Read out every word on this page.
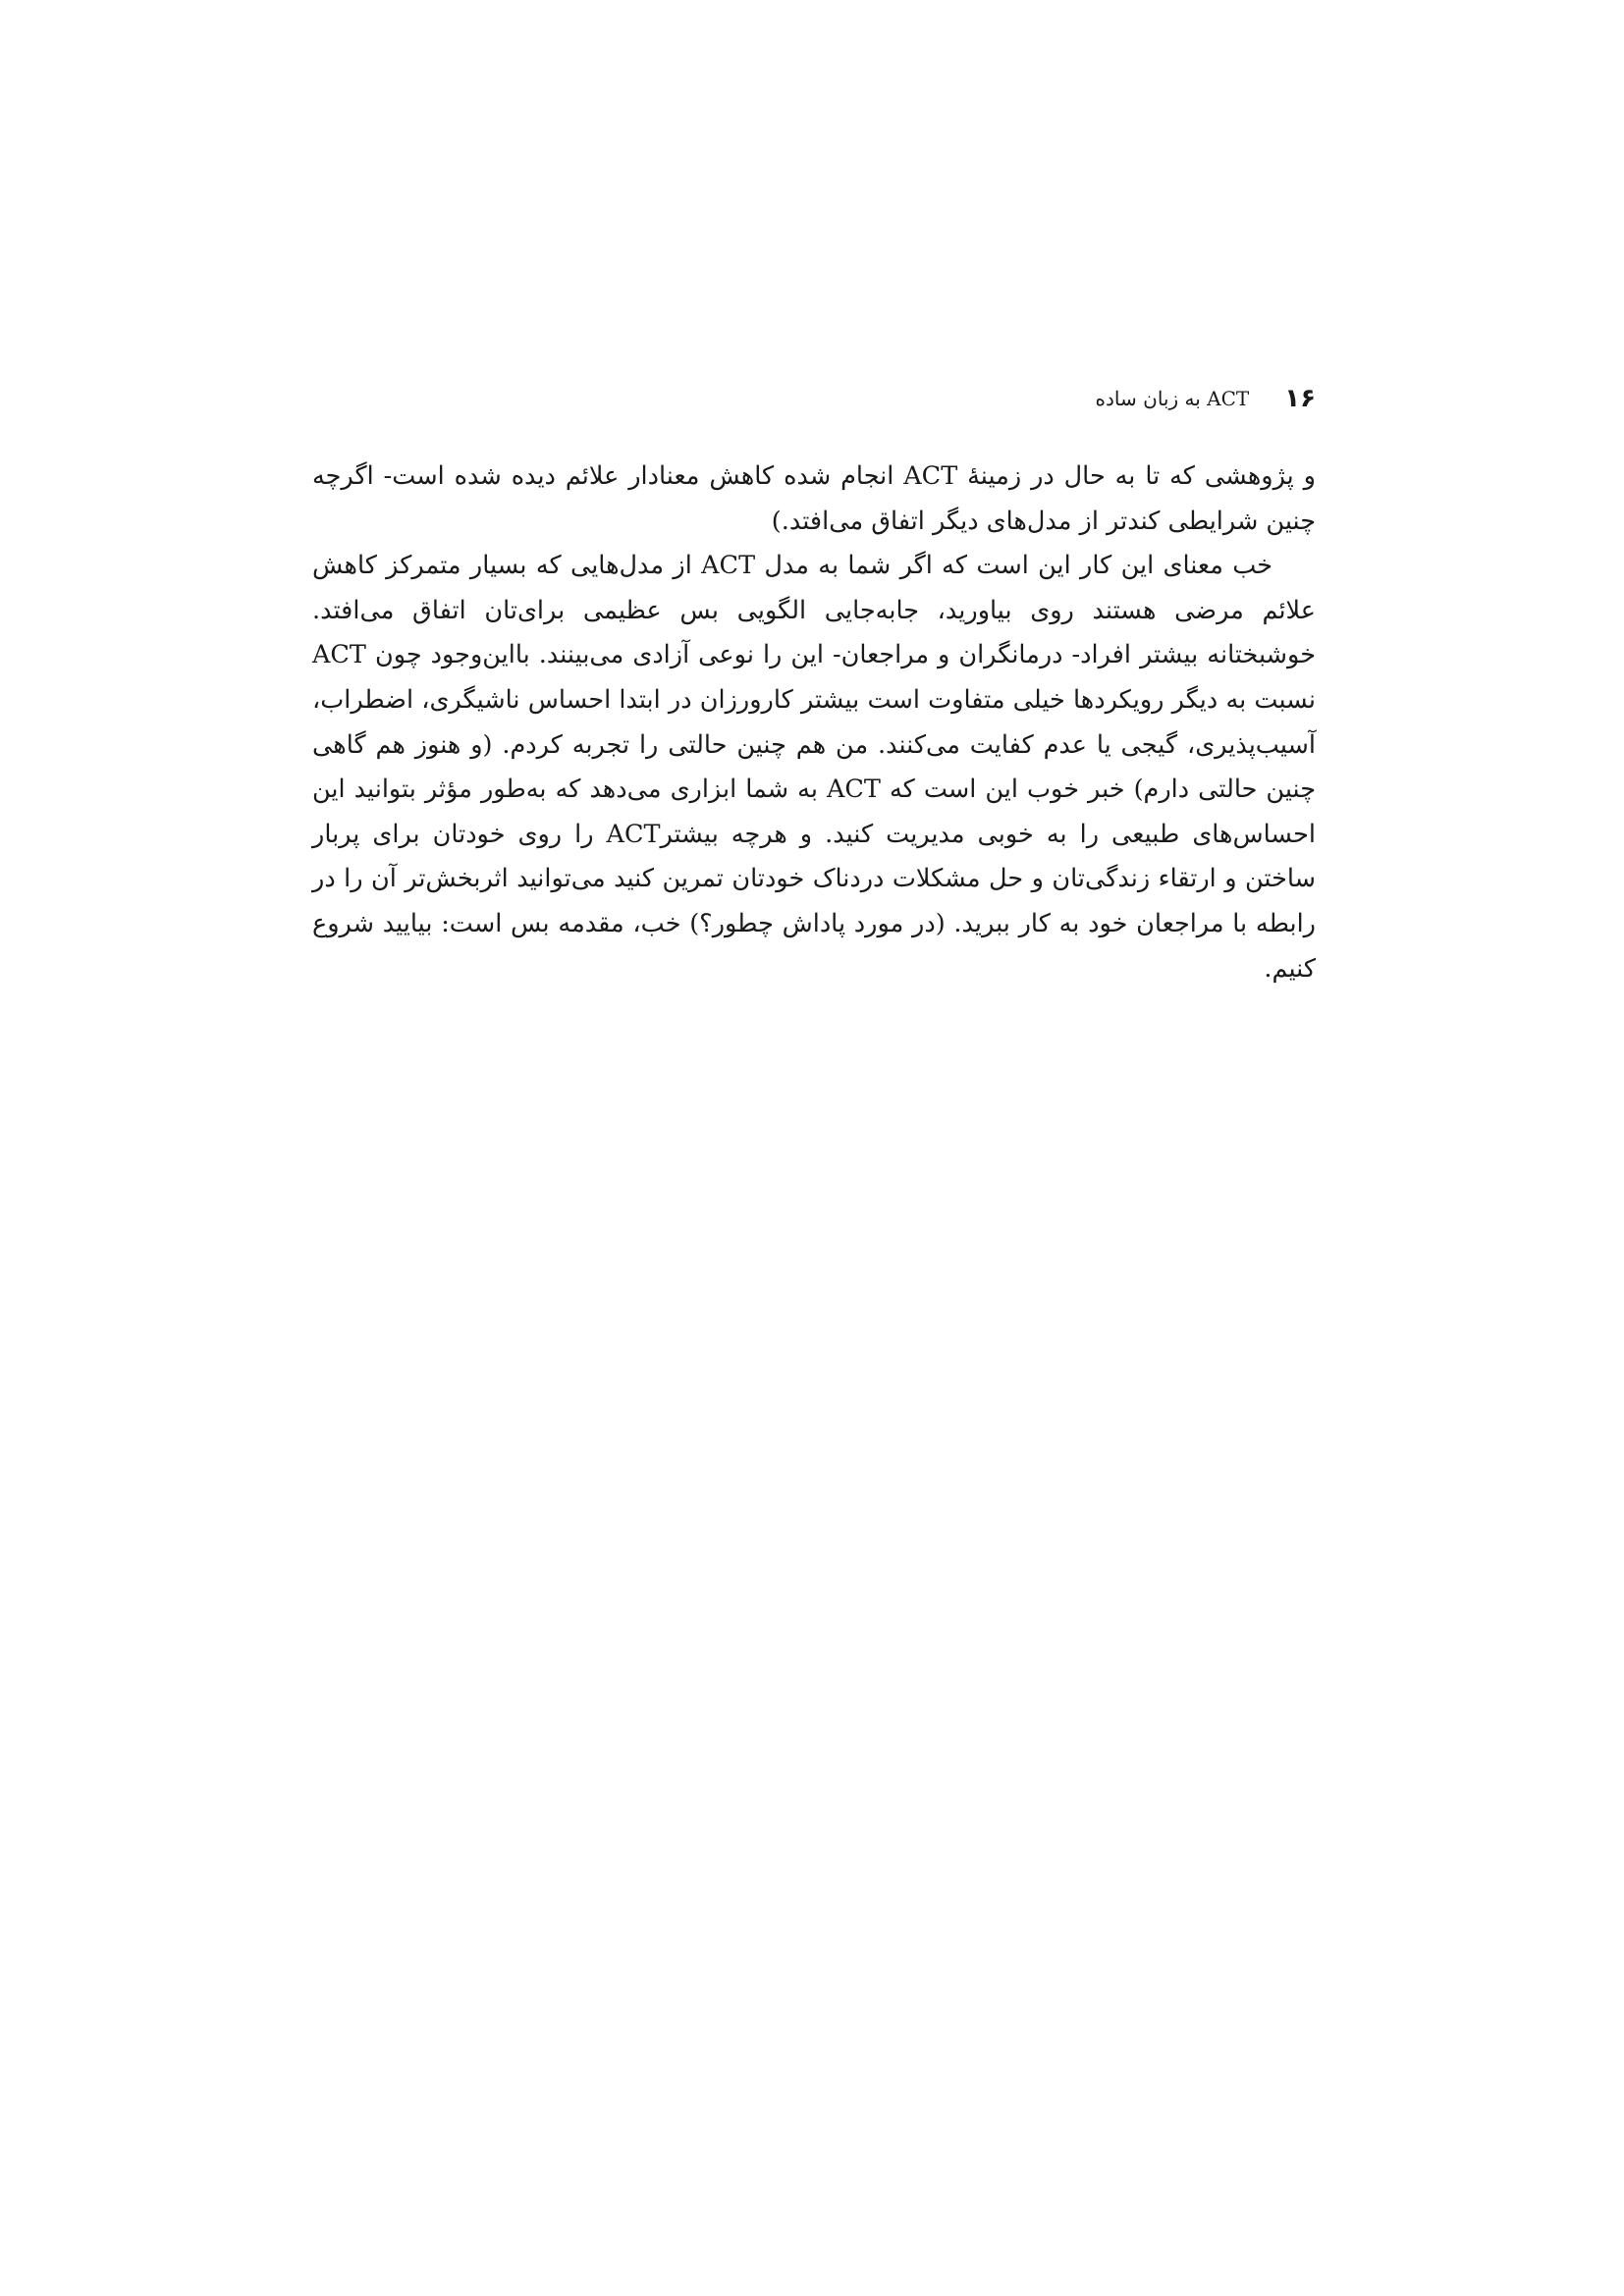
۱۶
ACT به زبان ساده

و پژوهشی که تا به حال در زمینهٔ ACT انجام شده کاهش معنادار علائم دیده شده است- اگرچه چنین شرایطی کندتر از مدل‌های دیگر اتفاق می‌افتد.)

خب معنای این کار این است که اگر شما به مدل ACT از مدل‌هایی که بسیار متمرکز کاهش علائم مرضی هستند روی بیاورید، جابه‌جایی الگویی بس عظیمی برای‌تان اتفاق می‌افتد. خوشبختانه بیشتر افراد- درمانگران و مراجعان- این را نوعی آزادی می‌بینند. بااین‌وجود چون ACT نسبت به دیگر رویکردها خیلی متفاوت است بیشتر کارورزان در ابتدا احساس ناشیگری، اضطراب، آسیب‌پذیری، گیجی یا عدم کفایت می‌کنند. من هم چنین حالتی را تجربه کردم. (و هنوز هم گاهی چنین حالتی دارم) خبر خوب این است که ACT به شما ابزاری می‌دهد که به‌طور مؤثر بتوانید این احساس‌های طبیعی را به خوبی مدیریت کنید. و هرچه بیشترACT را روی خودتان برای پربار ساختن و ارتقاء زندگی‌تان و حل مشکلات دردناک خودتان تمرین کنید می‌توانید اثربخش‌تر آن را در رابطه با مراجعان خود به کار ببرید. (در مورد پاداش چطور؟) خب، مقدمه بس است: بیایید شروع کنیم.
